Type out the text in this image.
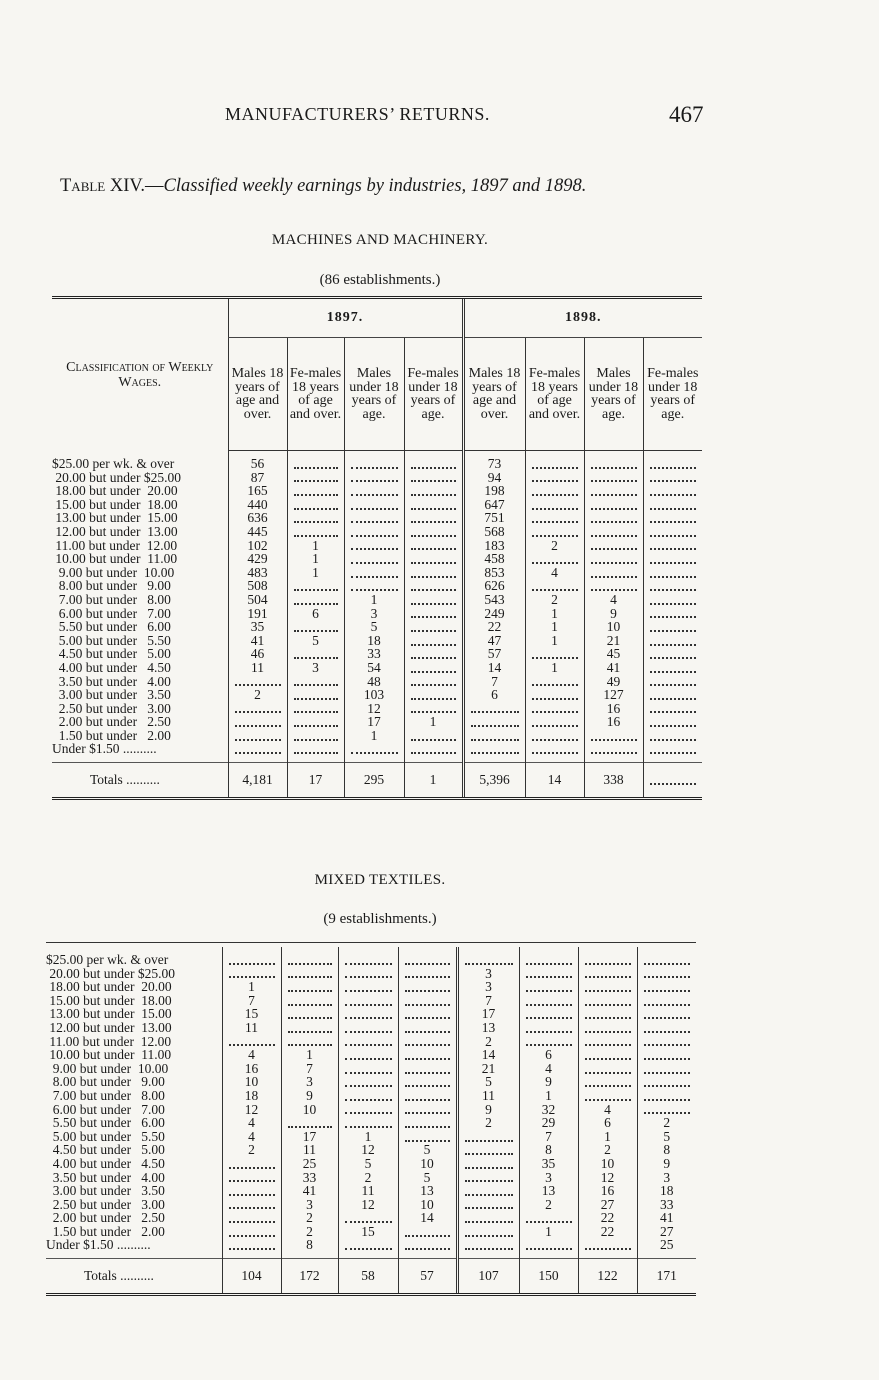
MANUFACTURERS’ RETURNS.	467
Table XIV.—Classified weekly earnings by industries, 1897 and 1898.
MACHINES AND MACHINERY.
(86 establishments.)
Classification of Weekly Wages.	1897.				1898.			
	Males 18 years of age and over.	Fe-males 18 years of age and over.	Males under 18 years of age.	Fe-males under 18 years of age.	Males 18 years of age and over.	Fe-males 18 years of age and over.	Males under 18 years of age.	Fe-males under 18 years of age.

$25.00 per wk. & over	56				73	

20.00 but under $25.00	87				94	

18.00 but under  20.00	165				198	

15.00 but under  18.00	440				647	

13.00 but under  15.00	636				751	

12.00 but under  13.00	445				568	

11.00 but under  12.00	102	1			183	2	

10.00 but under  11.00	429	1			458	

9.00 but under  10.00	483	1			853	4	

8.00 but under   9.00	508				626	

7.00 but under   8.00	504		1		543	2	4	

6.00 but under   7.00	191	6	3		249	1	9	

5.50 but under   6.00	35		5		22	1	10	

5.00 but under   5.50	41	5	18		47	1	21	

4.50 but under   5.00	46		33		57		45	

4.00 but under   4.50	11	3	54		14	1	41	

3.50 but under   4.00			48		7		49	

3.00 but under   3.50	2		103		6		127	

2.50 but under   3.00			12				16	

2.00 but under   2.50			17	1			16	

1.50 but under   2.00			1	

Under $1.50 ..........	

Totals ..........	4,181	17	295	1	5,396	14	338	
MIXED TEXTILES.
(9 establishments.)

$25.00 per wk. & over	

20.00 but under $25.00					3	

18.00 but under  20.00	1				3	

15.00 but under  18.00	7				7	

13.00 but under  15.00	15				17	

12.00 but under  13.00	11				13	

11.00 but under  12.00					2	

10.00 but under  11.00	4	1			14	6	

9.00 but under  10.00	16	7			21	4	

8.00 but under   9.00	10	3			5	9	

7.00 but under   8.00	18	9			11	1	

6.00 but under   7.00	12	10			9	32	4	

5.50 but under   6.00	4				2	29	6	2
5.00 but under   5.50	4	17	1			7	1	5
4.50 but under   5.00	2	11	12	5		8	2	8
4.00 but under   4.50		25	5	10		35	10	9
3.50 but under   4.00		33	2	5		3	12	3
3.00 but under   3.50		41	11	13		13	16	18
2.50 but under   3.00		3	12	10		2	27	33
2.00 but under   2.50		2		14			22	41
1.50 but under   2.00		2	15			1	22	27
Under $1.50 ..........		8						25

Totals ..........	104	172	58	57	107	150	122	171
